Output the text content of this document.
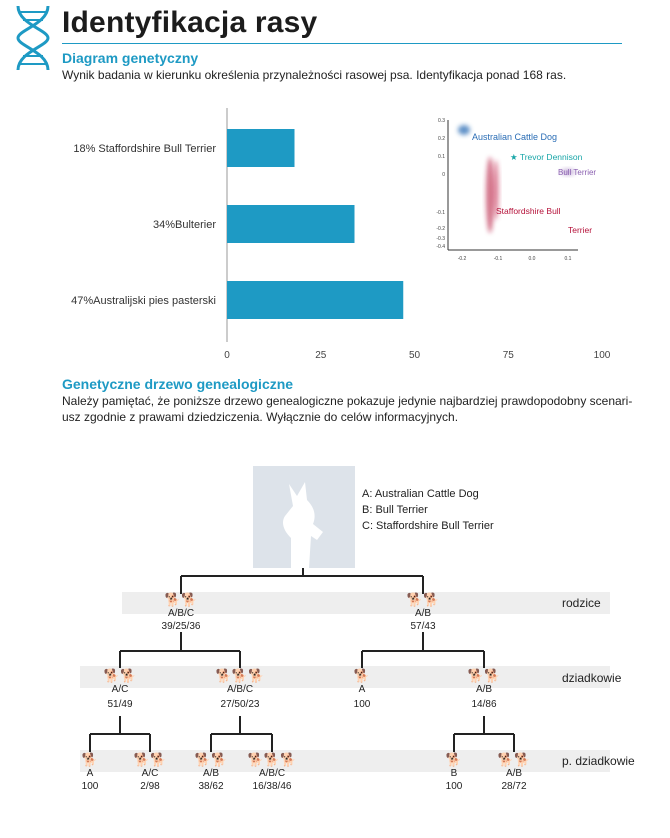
Identyfikacja rasy
Diagram genetyczny
Wynik badania w kierunku określenia przynależności rasowej psa. Identyfikacja ponad 168 ras.
18% Staffordshire Bull Terrier
34%Bulterier
47%Australijski pies pasterski
0	25	50	75	100
0.3
0.2
0.1
0
-0.1
-0.2
-0.3
-0.4
-0.2	-0.1	0.0	0.1
Australian Cattle Dog
★ Trevor Dennison
Bull Terrier
Staffordshire Bull
Terrier
Genetyczne drzewo genealogiczne
Należy pamiętać, że poniższe drzewo genealogiczne pokazuje jedynie najbardziej prawdopodobny scenari-
usz zgodnie z prawami dziedziczenia. Wyłącznie do celów informacyjnych.
A: Australian Cattle Dog
B: Bull Terrier
C: Staffordshire Bull Terrier
rodzice
dziadkowie
p. dziadkowie
🐕🐕
A/B/C
39/25/36
🐕🐕
A/B
57/43
🐕🐕
A/C
51/49
🐕🐕🐕
A/B/C
27/50/23
🐕
A
100
🐕🐕
A/B
14/86
🐕
A
100
🐕🐕
A/C
2/98
🐕🐕
A/B
38/62
🐕🐕🐕
A/B/C
16/38/46
🐕
B
100
🐕🐕
A/B
28/72
